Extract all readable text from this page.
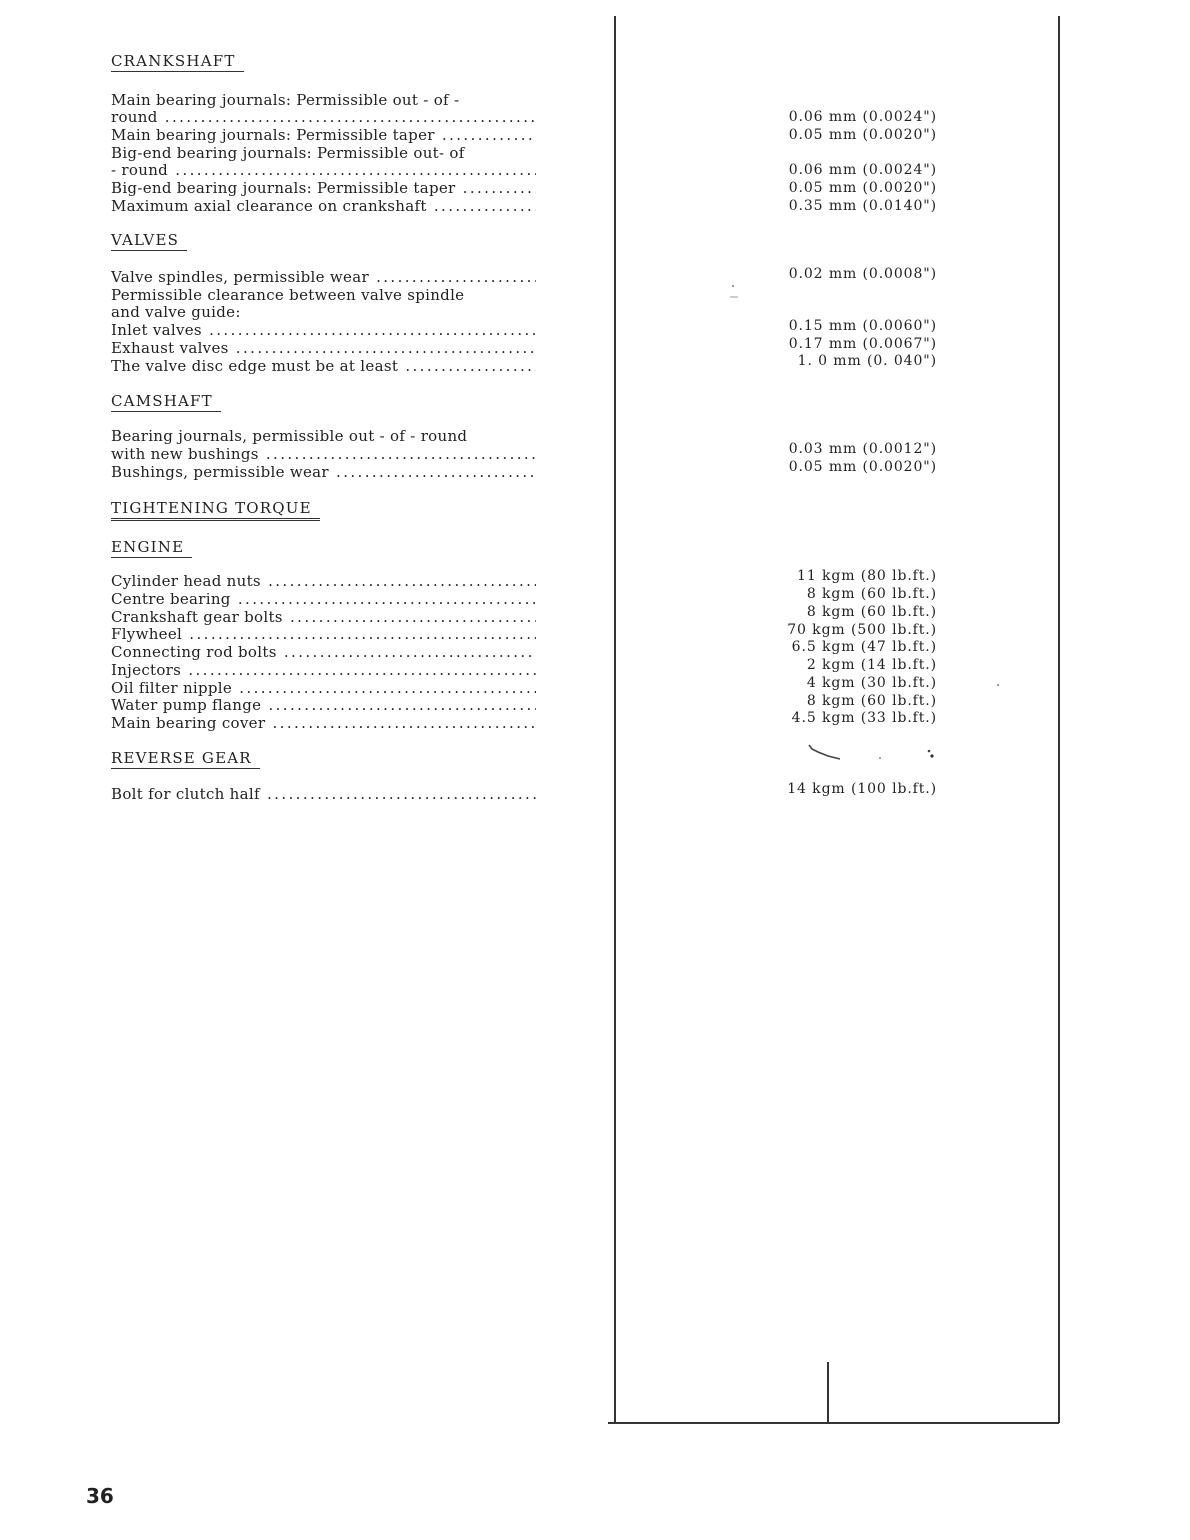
CRANKSHAFT
Main bearing journals: Permissible out - of -
round .....
Main bearing journals: Permissible taper .....
Big-end bearing journals: Permissible out- of
- round .....
Big-end bearing journals: Permissible taper .....
Maximum axial clearance on crankshaft .....
0.06 mm (0.0024")
0.05 mm (0.0020")
0.06 mm (0.0024")
0.05 mm (0.0020")
0.35 mm (0.0140")
VALVES
Valve spindles, permissible wear .....
Permissible clearance between valve spindle
and valve guide:
Inlet valves .....
Exhaust valves .....
The valve disc edge must be at least .....
0.02 mm (0.0008")
0.15 mm (0.0060")
0.17 mm (0.0067")
1. 0 mm (0. 040")
CAMSHAFT
Bearing journals, permissible out - of - round
with new bushings .....
Bushings, permissible wear .....
0.03 mm (0.0012")
0.05 mm (0.0020")
TIGHTENING TORQUE
ENGINE
Cylinder head nuts .....
Centre bearing .....
Crankshaft gear bolts .....
Flywheel .....
Connecting rod bolts .....
Injectors .....
Oil filter nipple .....
Water pump flange .....
Main bearing cover .....
11 kgm (80 lb.ft.)
8 kgm (60 lb.ft.)
8 kgm (60 lb.ft.)
70 kgm (500 lb.ft.)
6.5 kgm (47 lb.ft.)
2 kgm (14 lb.ft.)
4 kgm (30 lb.ft.)
8 kgm (60 lb.ft.)
4.5 kgm (33 lb.ft.)
REVERSE GEAR
Bolt for clutch half .....	14 kgm (100 lb.ft.)
36
